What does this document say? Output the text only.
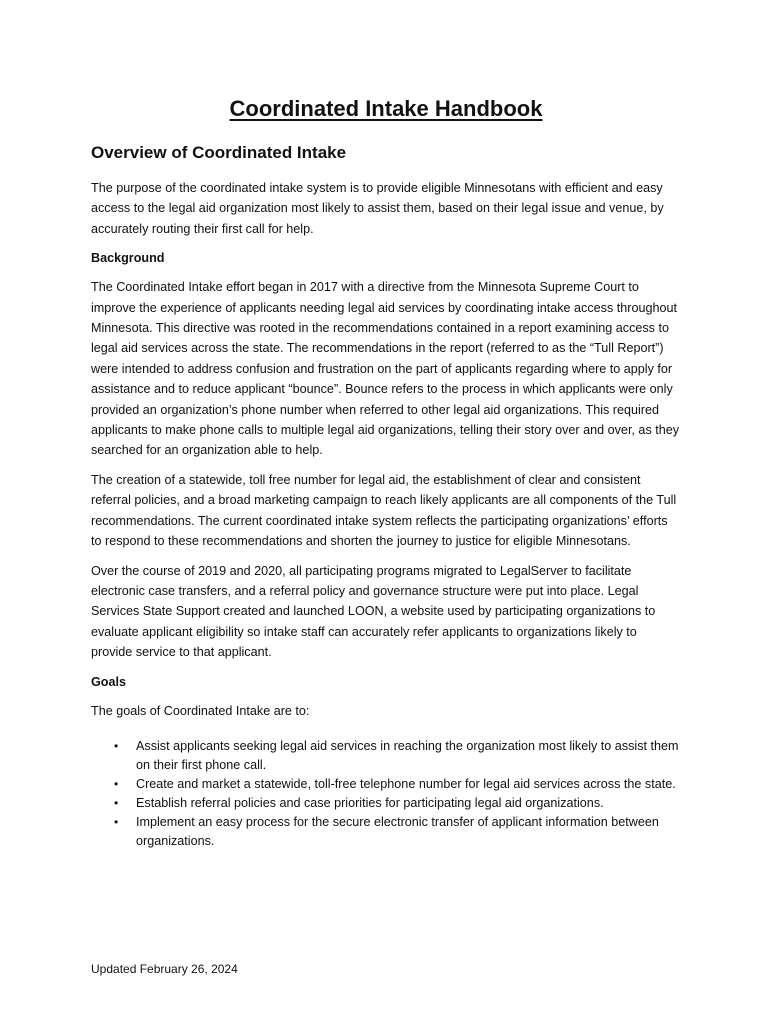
Coordinated Intake Handbook
Overview of Coordinated Intake

The purpose of the coordinated intake system is to provide eligible Minnesotans with efficient and easy access to the legal aid organization most likely to assist them, based on their legal issue and venue, by accurately routing their first call for help.

Background

The Coordinated Intake effort began in 2017 with a directive from the Minnesota Supreme Court to improve the experience of applicants needing legal aid services by coordinating intake access throughout Minnesota. This directive was rooted in the recommendations contained in a report examining access to legal aid services across the state. The recommendations in the report (referred to as the “Tull Report”) were intended to address confusion and frustration on the part of applicants regarding where to apply for assistance and to reduce applicant “bounce”. Bounce refers to the process in which applicants were only provided an organization’s phone number when referred to other legal aid organizations. This required applicants to make phone calls to multiple legal aid organizations, telling their story over and over, as they searched for an organization able to help.

The creation of a statewide, toll free number for legal aid, the establishment of clear and consistent referral policies, and a broad marketing campaign to reach likely applicants are all components of the Tull recommendations. The current coordinated intake system reflects the participating organizations’ efforts to respond to these recommendations and shorten the journey to justice for eligible Minnesotans.

Over the course of 2019 and 2020, all participating programs migrated to LegalServer to facilitate electronic case transfers, and a referral policy and governance structure were put into place. Legal Services State Support created and launched LOON, a website used by participating organizations to evaluate applicant eligibility so intake staff can accurately refer applicants to organizations likely to provide service to that applicant.

Goals

The goals of Coordinated Intake are to:

• Assist applicants seeking legal aid services in reaching the organization most likely to assist them on their first phone call.
• Create and market a statewide, toll-free telephone number for legal aid services across the state.
• Establish referral policies and case priorities for participating legal aid organizations.
• Implement an easy process for the secure electronic transfer of applicant information between organizations.
Updated February 26, 2024
